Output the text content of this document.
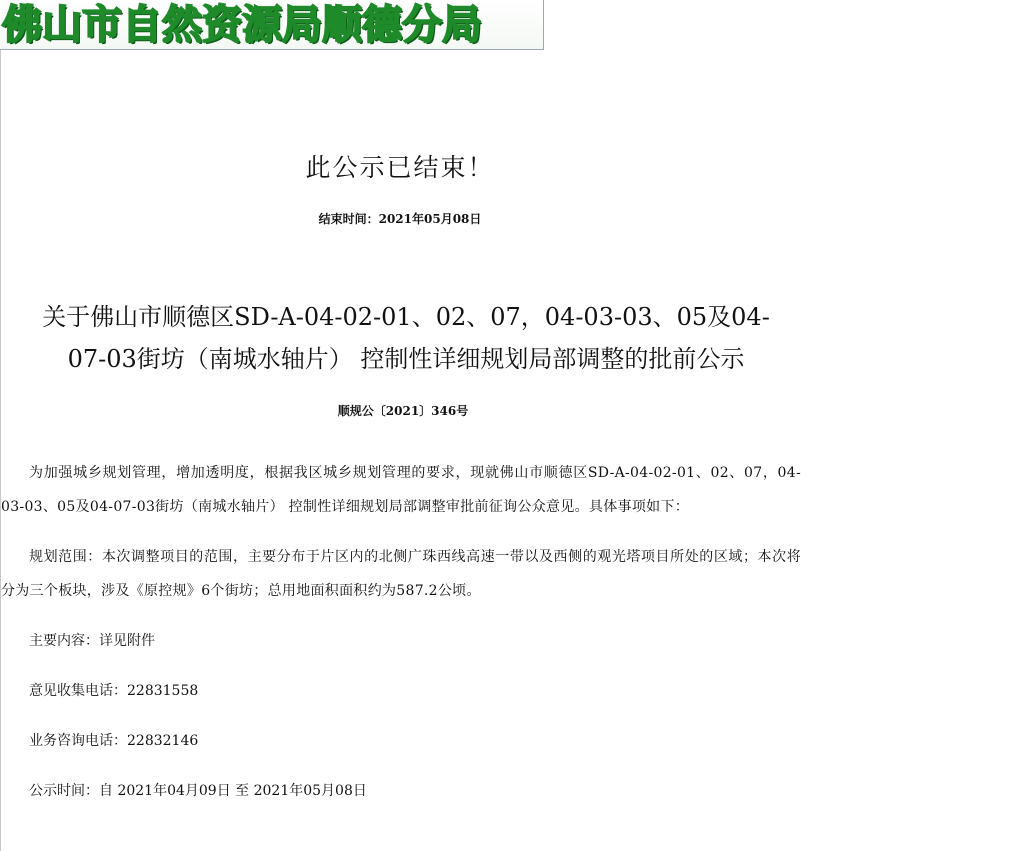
佛山市自然资源局顺德分局
此公示已结束！
结束时间：2021年05月08日
关于佛山市顺德区SD-A-04-02-01、02、07，04-03-03、05及04-
07-03街坊（南城水轴片） 控制性详细规划局部调整的批前公示
顺规公〔2021〕346号

为加强城乡规划管理，增加透明度，根据我区城乡规划管理的要求，现就佛山市顺德区SD-A-04-02-01、02、07，04-03-03、05及04-07-03街坊（南城水轴片） 控制性详细规划局部调整审批前征询公众意见。具体事项如下：

规划范围：本次调整项目的范围，主要分布于片区内的北侧广珠西线高速一带以及西侧的观光塔项目所处的区域；本次将分为三个板块，涉及《原控规》6个街坊；总用地面积面积约为587.2公顷。

主要内容：详见附件

意见收集电话：22831558

业务咨询电话：22832146

公示时间：自 2021年04月09日 至 2021年05月08日
